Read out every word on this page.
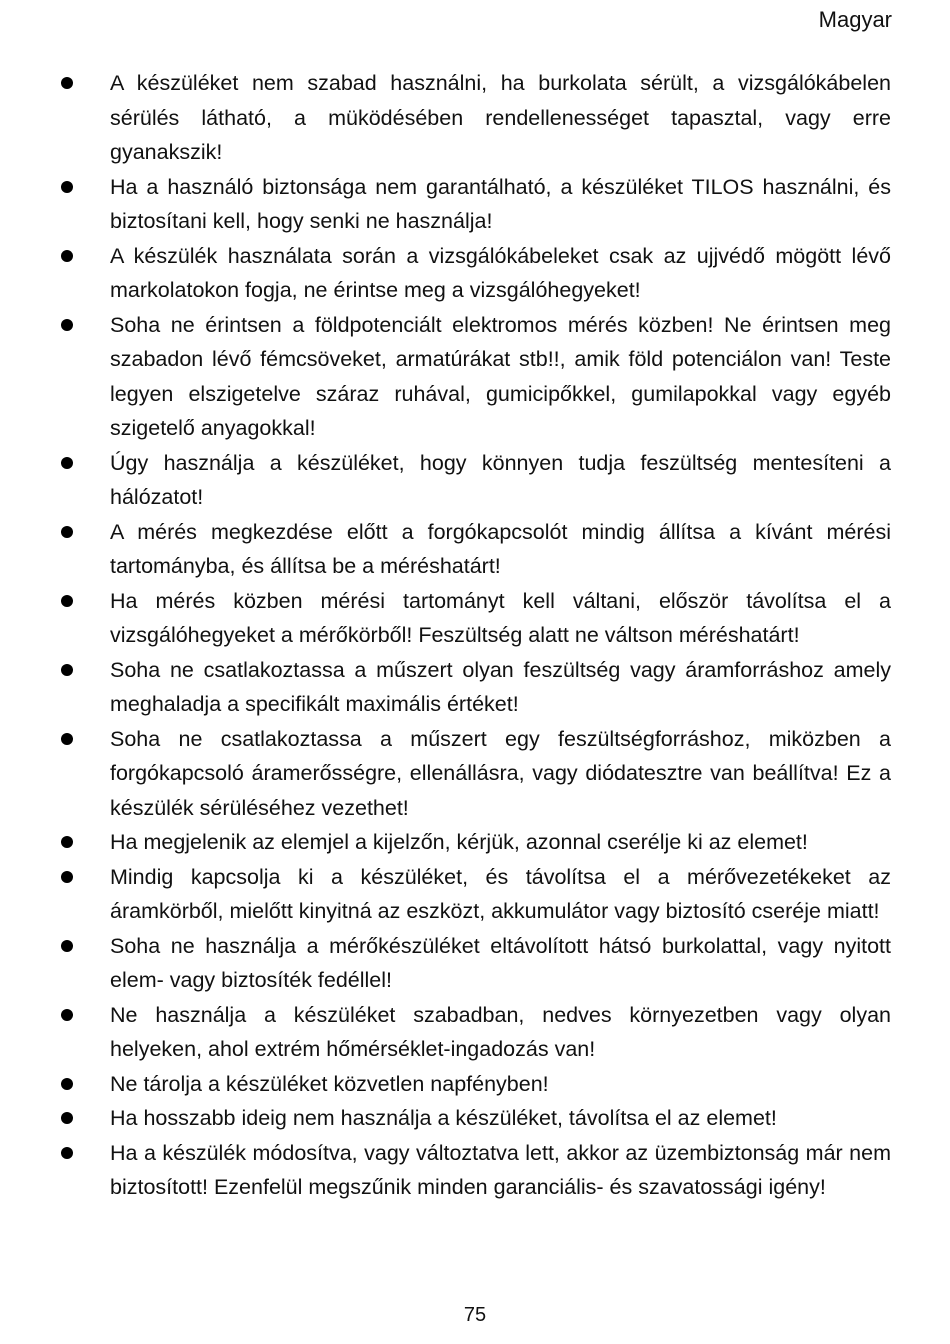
Magyar
A készüléket nem szabad használni, ha burkolata sérült, a vizsgálókábelen sérülés látható, a müködésében rendellenességet tapasztal, vagy erre gyanakszik!
Ha a használó biztonsága nem garantálható, a készüléket TILOS használni, és biztosítani kell, hogy senki ne használja!
A készülék használata során a vizsgálókábeleket csak az ujjvédő mögött lévő markolatokon fogja, ne érintse meg a vizsgálóhegyeket!
Soha ne érintsen a földpotenciált elektromos mérés közben! Ne érintsen meg szabadon lévő fémcsöveket, armatúrákat stb!!, amik föld potenciálon van! Teste legyen elszigetelve száraz ruhával, gumicipőkkel, gumilapokkal vagy egyéb szigetelő anyagokkal!
Úgy használja a készüléket, hogy könnyen tudja feszültség mentesíteni a hálózatot!
A mérés megkezdése előtt a forgókapcsolót mindig állítsa a kívánt mérési tartományba, és állítsa be a méréshatárt!
Ha mérés közben mérési tartományt kell váltani, először távolítsa el a vizsgálóhegyeket a mérőkörből! Feszültség alatt ne váltson méréshatárt!
Soha ne csatlakoztassa a műszert olyan feszültség vagy áramforráshoz amely meghaladja a specifikált maximális értéket!
Soha ne csatlakoztassa a műszert egy feszültségforráshoz, miközben a forgókapcsoló áramerősségre, ellenállásra, vagy diódatesztre van beállítva! Ez a készülék sérüléséhez vezethet!
Ha megjelenik az elemjel a kijelzőn, kérjük, azonnal cserélje ki az elemet!
Mindig kapcsolja ki a készüléket, és távolítsa el a mérővezetékeket az áramkörből, mielőtt kinyitná az eszközt, akkumulátor vagy biztosító cseréje miatt!
Soha ne használja a mérőkészüléket eltávolított hátsó burkolattal, vagy nyitott elem- vagy biztosíték fedéllel!
Ne használja a készüléket szabadban, nedves környezetben vagy olyan helyeken, ahol extrém hőmérséklet-ingadozás van!
Ne tárolja a készüléket közvetlen napfényben!
Ha hosszabb ideig nem használja a készüléket, távolítsa el az elemet!
Ha a készülék módosítva, vagy változtatva lett, akkor az üzembiztonság már nem biztosított! Ezenfelül megszűnik minden garanciális- és szavatossági igény!
75
